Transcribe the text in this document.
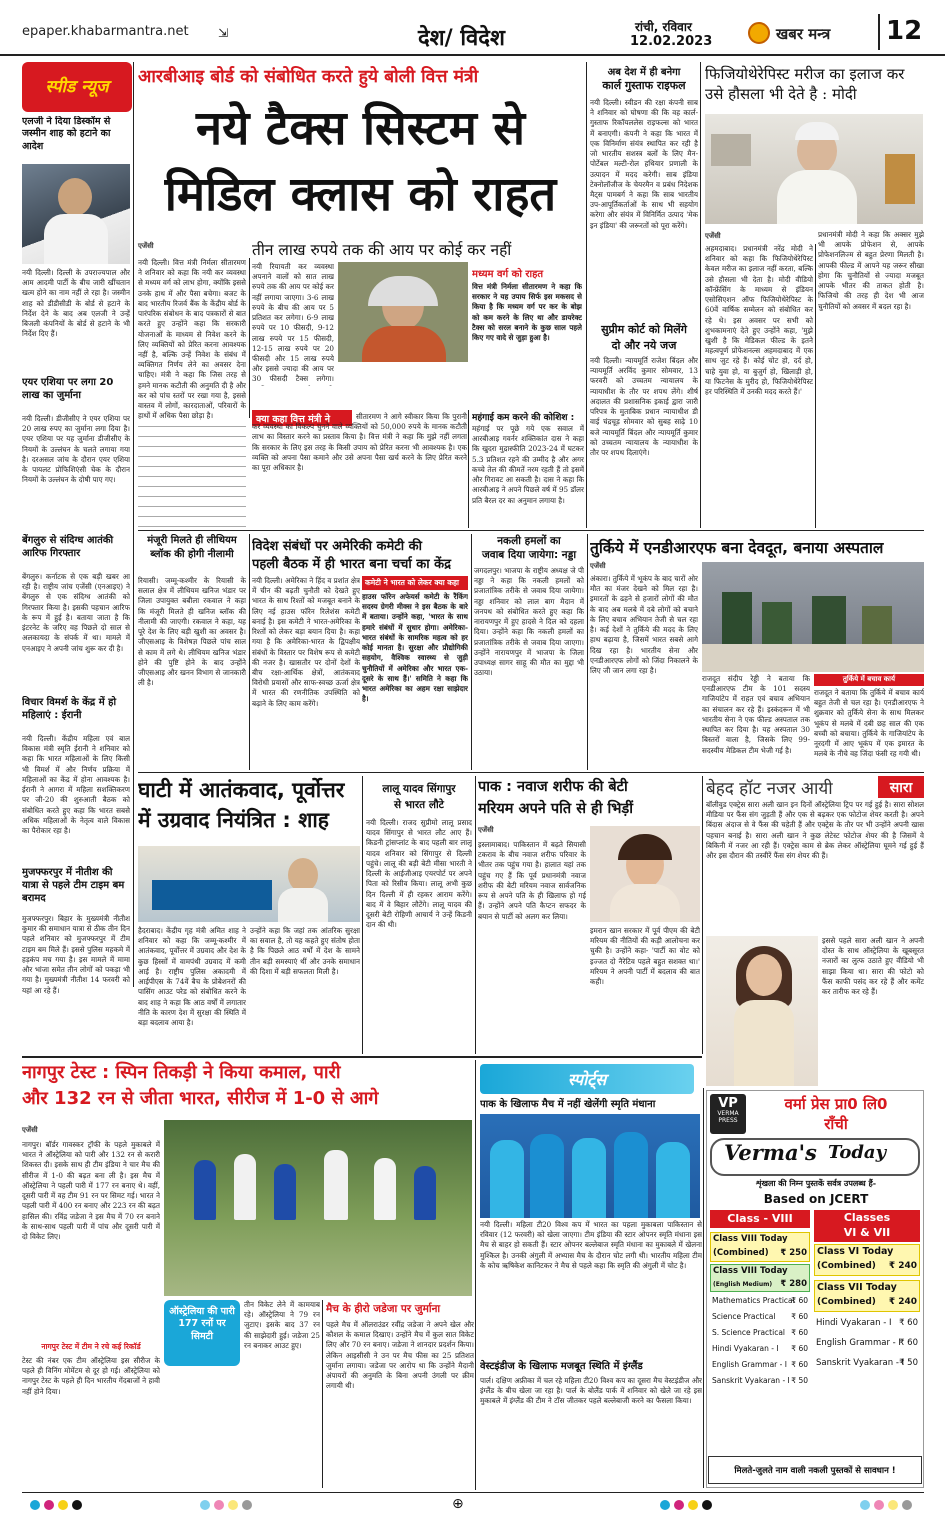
epaper.khabarmantra.net ⇲	देश/ विदेश	रांची, रविवार
12.02.2023	खबर मन्त्र 12
स्पीड न्यूज
एलजी ने दिया डिस्कॉम से जस्मीन शाह को हटाने का आदेश
नयी दिल्ली। दिल्ली के उपराज्यपाल और आम आदमी पार्टी के बीच जारी खींचतान खत्म होने का नाम नहीं ले रहा है। जस्मीन शाह को डीडीसीडी के बोर्ड से हटाने के निर्देश देने के बाद अब एलजी ने उन्हें बिजली कंपनियों के बोर्ड से हटाने के भी निर्देश दिए हैं।
एयर एशिया पर लगा 20 लाख का जुर्माना
नयी दिल्ली। डीजीसीए ने एयर एशिया पर 20 लाख रुपए का जुर्माना लगा दिया है। एयर एशिया पर यह जुर्माना डीजीसीए के नियमों के उल्लंघन के चलते लगाया गया है। दरअसल जांच के दौरान एयर एशिया के पायलट प्रोफिशिएंसी चेक के दौरान नियमों के उल्लंघन के दोषी पाए गए।
बेंगलुरु से संदिग्ध आतंकी आरिफ गिरफ्तार
बेंगलुरु। कर्नाटक से एक बड़ी खबर आ रही है। राष्ट्रीय जांच एजेंसी (एनआइए) ने बेंगलुरु से एक संदिग्ध आतंकी को गिरफ्तार किया है। इसकी पहचान आरिफ के रूप में हुई है। बताया जाता है कि इंटरनेट के जरिए वह पिछले दो साल से अलकायदा के संपर्क में था। मामले में एनआइए ने अपनी जांच शुरू कर दी है।
विचार विमर्श के केंद्र में हो महिलाएं : ईरानी
नयी दिल्ली। केंद्रीय महिला एवं बाल विकास मंत्री स्मृति ईरानी ने शनिवार को कहा कि भारत महिलाओं के लिए किसी भी विमर्श में और निर्णय प्रक्रिया में महिलाओं का केंद्र में होना आवश्यक है। ईरानी ने आगरा में महिला सशक्तिकरण पर जी-20 की शुरुआती बैठक को संबोधित करते हुए कहा कि भारत सबसे अधिक महिलाओं के नेतृत्व वाले विकास का पैरोकार रहा है।
मुजफ्फरपुर में नीतीश की यात्रा से पहले टीम टाइम बम बरामद
मुजफ्फरपुर। बिहार के मुख्यमंत्री नीतीश कुमार की समाधान यात्रा से ठीक तीन दिन पहले शनिवार को मुजफ्फरपुर में टीम टाइम बम मिले हैं। इससे पुलिस महकमे में हड़कंप मच गया है। इस मामले में मामा और भांजा समेत तीन लोगों को पकड़ा भी गया है। मुख्यमंत्री नीतीश 14 फरवरी को यहां आ रहे हैं।
आरबीआइ बोर्ड को संबोधित करते हुये बोली वित्त मंत्री
नये टैक्स सिस्टम से
मिडिल क्लास को राहत
तीन लाख रुपये तक की आय पर कोई कर नहीं
एजेंसी
नयी दिल्ली। वित्त मंत्री निर्मला सीतारमण ने शनिवार को कहा कि नयी कर व्यवस्था से मध्यम वर्ग को लाभ होगा, क्योंकि इससे उनके हाथ में और पैसा बचेगा। बजट के बाद भारतीय रिजर्व बैंक के केंद्रीय बोर्ड के पारंपरिक संबोधन के बाद पत्रकारों से बात करते हुए उन्होंने कहा कि सरकारी योजनाओं के माध्यम से निवेश करने के लिए व्यक्तियों को प्रेरित करना आवश्यक नहीं है, बल्कि उन्हें निवेश के संबंध में व्यक्तिगत निर्णय लेने का अवसर देना चाहिए। मंत्री ने कहा कि जिस तरह से हमने मानक कटौती की अनुमति दी है और कर को पांच स्तरों पर रखा गया है, इससे वास्तव में लोगों, कारदाताओं, परिवारों के हाथों में अधिक पैसा छोड़ा है।
नयी रियायती कर व्यवस्था अपनाने वालों को सात लाख रुपये तक की आय पर कोई कर नहीं लगाया जाएगा। 3-6 लाख रुपये के बीच की आय पर 5 प्रतिशत कर लगेगा। 6-9 लाख रुपये पर 10 फीसदी, 9-12 लाख रुपये पर 15 फीसदी, 12-15 लाख रुपये पर 20 फीसदी और 15 लाख रुपये और इससे ज्यादा की आय पर 30 फीसदी टैक्स लगेगा।
मध्यम वर्ग को राहत
वित्त मंत्री निर्मला सीतारमण ने कहा कि सरकार ने यह उपाय सिर्फ इस मकसद से किया है कि मध्यम वर्ग पर कर के बोझ को कम करने के लिए था और डायरेक्ट टैक्स को सरल बनाने के कुछ साल पहले किए गए वादे से जुड़ा हुआ है।
क्या कहा वित्त मंत्री ने	सीतारमण ने आगे स्वीकार किया कि पुरानी कर व्यवस्था का विकल्प चुनने वाले व्यक्तियों को 50,000 रुपये के मानक कटौती लाभ का विस्तार करने का प्रस्ताव किया है। वित्त मंत्री ने कहा कि मुझे नहीं लगता कि सरकार के लिए इस तरह के किसी उपाय को प्रेरित करना भी आवश्यक है। एक व्यक्ति को अपना पैसा कमाने और उसे अपना पैसा खर्च करने के लिए प्रेरित करने का पूरा अधिकार है।
महंगाई कम करने की कोशिश :
महंगाई पर पूछे गये एक सवाल में आरबीआइ गवर्नर शक्तिकांत दास ने कहा कि खुदरा मुद्रास्फीति 2023-24 में घटकर 5.3 प्रतिशत रहने की उम्मीद है और अगर कच्चे तेल की कीमतें नरम रहती हैं तो इसमें और गिरावट आ सकती है। दास ने कहा कि आरबीआइ ने अपने पिछले वर्ष में 95 डॉलर प्रति बैरल दर का अनुमान लगाया है।
अब देश में ही बनेगा
कार्ल गुस्ताफ राइफल
नयी दिल्ली। स्वीडन की रक्षा कंपनी साब ने शनिवार को घोषणा की कि वह कार्ल-गुस्ताफ रिकॉयललेस राइफल्स को भारत में बनाएगी। कंपनी ने कहा कि भारत में एक विनिर्माण संयंत्र स्थापित कर रही है जो भारतीय सशस्त्र बलों के लिए मैन-पोर्टेबल मल्टी-रोल हथियार प्रणाली के उत्पादन में मदद करेगी। साब इंडिया टेक्नोलॉजीज के चेयरमैन व प्रबंध निदेशक मैट्स पामबर्ग ने कहा कि साब भारतीय उप-आपूर्तिकर्ताओं के साथ भी सहयोग करेगा और संयंत्र में विनिर्मित उत्पाद 'मेक इन इंडिया' की जरूरतों को पूरा करेंगे।
सुप्रीम कोर्ट को मिलेंगे
दो और नये जज
नयी दिल्ली। न्यायमूर्ति राजेश बिंदल और न्यायमूर्ति अरविंद कुमार सोमवार, 13 फरवरी को उच्चतम न्यायालय के न्यायाधीश के तौर पर शपथ लेंगे। शीर्ष अदालत की प्रशासनिक इकाई द्वारा जारी परिपत्र के मुताबिक प्रधान न्यायाधीश डी वाई चंद्रचूड़ सोमवार को सुबह साढ़े 10 बजे न्यायमूर्ति बिंदल और न्यायमूर्ति कुमार को उच्चतम न्यायालय के न्यायाधीश के तौर पर शपथ दिलाएंगे।
फिजियोथेरेपिस्ट मरीज का इलाज कर उसे हौसला भी देते है : मोदी
एजेंसी
अहमदाबाद। प्रधानमंत्री नरेंद्र मोदी ने शनिवार को कहा कि फिजियोथेरेपिस्ट केवल मरीज का इलाज नहीं करता, बल्कि उसे हौसला भी देता है। मोदी वीडियो कॉन्फ्रेंसिंग के माध्यम से इंडियन एसोसिएशन ऑफ फिजियोथेरेपिस्ट के 60वें वार्षिक सम्मेलन को संबोधित कर रहे थे। इस अवसर पर सभी को शुभकामनाएं देते हुए उन्होंने कहा, 'मुझे खुशी है कि मेडिकल फील्ड के इतने महत्वपूर्ण प्रोफेशनल्स अहमदाबाद में एक साथ जुट रहे हैं। कोई चोट हो, दर्द हो, चाहे युवा हो, या बुजुर्ग हो, खिलाड़ी हो, या फिटनेस के मुरीद हो, फिजियोथेरेपिस्ट हर परिस्थिति में उनकी मदद करते हैं।'
प्रधानमंत्री मोदी ने कहा कि अक्सर मुझे भी आपके प्रोफेशन से, आपके प्रोफेशनलिज्म से बहुत प्रेरणा मिलती है। आपकी फील्ड में आपने यह जरूर सीखा होगा कि चुनौतियों से ज्यादा मजबूत आपके भीतर की ताकत होती है। फिजियो की तरह ही देश भी आज चुनौतियों को अवसर में बदल रहा है।
मंजूरी मिलते ही लीथियम ब्लॉक की होगी नीलामी
रियासी। जम्मू-कश्मीर के रियासी के सलाल क्षेत्र में लीथियम खनिज भंडार पर जिला उपायुक्त बबीला रकवाल ने कहा कि मंजूरी मिलते ही खनिज ब्लॉक की नीलामी की जाएगी। रकवाल ने कहा, यह पूरे देश के लिए बड़ी खुशी का अवसर है। जीएसआइ के विशेषज्ञ पिछले पांच साल से काम में लगे थे। लीथियम खनिज भंडार होने की पुष्टि होने के बाद उन्होंने जीएसआइ और खनन विभाग से जानकारी ली है।
विदेश संबंधों पर अमेरिकी कमेटी की
पहली बैठक में ही भारत बना चर्चा का केंद्र
नयी दिल्ली। अमेरिका ने हिंद व प्रशांत क्षेत्र में चीन की बढ़ती चुनौती को देखते हुए भारत के साथ रिश्तों को मजबूत बनाने के लिए नई हाउस फॉरेन रिलेशंस कमेटी बनाई है। इस कमेटी ने भारत-अमेरिका के रिश्तों को लेकर बड़ा बयान दिया है। कहा गया है कि अमेरिका-भारत के द्विपक्षीय संबंधों के विस्तार पर विशेष रूप से कमेटी की नजर है। खासतौर पर दोनों देशों के बीच रक्षा-आर्थिक क्षेत्रों, आतंकवाद विरोधी प्रयासों और साफ-स्वच्छ ऊर्जा क्षेत्र में भारत की रणनीतिक उपस्थिति को बढ़ाने के लिए काम करेंगे।
कमेटी ने भारत को लेकर क्या कहा
हाउस फॉरेन अफेयर्स कमेटी के रैंकिंग सदस्य ग्रेगरी मीक्स ने इस बैठक के बारे में बताया। उन्होंने कहा, 'भारत के साथ हमारे संबंधों में सुधार होगा। अमेरिका-भारत संबंधों के सामरिक महत्व को हर कोई मानता है। सुरक्षा और प्रौद्योगिकी सहयोग, वैश्विक स्वास्थ्य से जुड़ी चुनौतियों में अमेरिका और भारत एक-दूसरे के साथ हैं।' समिति ने कहा कि भारत अमेरिका का अहम रक्षा साझेदार है।
नकली हमलों का
जवाब दिया जायेगा: नड्डा
जगदलपुर। भाजपा के राष्ट्रीय अध्यक्ष जे पी नड्डा ने कहा कि नकली हमलों को प्रजातांत्रिक तरीके से जवाब दिया जायेगा। नड्डा शनिवार को लाल बाग मैदान में जनपथ को संबोधित करते हुए कहा कि नारायणपुर में हुए हादसे ने दिल को दहला दिया। उन्होंने कहा कि नकली हमलों का प्रजातांत्रिक तरीके से जवाब दिया जाएगा। उन्होंने नारायणपुर में भाजपा के जिला उपाध्यक्ष सागर साहू की मौत का मुद्दा भी उठाया।
तुर्किये में एनडीआरएफ बना देवदूत, बनाया अस्पताल
एजेंसी
अंकारा। तुर्किये में भूकंप के बाद चारों ओर मौत का मंजर देखने को मिल रहा है। इमारतों के ढहने से हजारों लोगों की मौत के बाद अब मलबे में दबे लोगों को बचाने के लिए बचाव अभियान तेजी से चल रहा है। कई देशों ने तुर्किये की मदद के लिए हाथ बढ़ाया है, जिसमें भारत सबसे आगे दिख रहा है। भारतीय सेना और एनडीआरएफ लोगों को जिंदा निकालने के लिए जी जान लगा रहा है।
तुर्किये में बचाव कार्य
राजदूत संदीप रेड्डी ने बताया कि एनडीआरएफ टीम के 101 सदस्य गाजियांटेप में राहत एवं बचाव अभियान का संचालन कर रहे हैं। इस्कंदरून में भी भारतीय सेना ने एक फील्ड अस्पताल तक स्थापित कर दिया है। यह अस्पताल 30 बिस्तरों वाला है, जिसके लिए 99-सदस्यीय मेडिकल टीम भेजी गई है।
राजदूत ने बताया कि तुर्किये में बचाव कार्य बहुत तेजी से चल रहा है। एनडीआरएफ ने शुक्रवार को तुर्किये सेना के साथ मिलकर भूकंप से मलबे में दबी छह साल की एक बच्ची को बचाया। तुर्किये के गाजियांटेप के नूरदगी में आए भूकंप में एक इमारत के मलबे के नीचे वह जिंदा फंसी रह गयी थी।
घाटी में आतंकवाद, पूर्वोत्तर
में उग्रवाद नियंत्रित : शाह
हैदराबाद। केंद्रीय गृह मंत्री अमित शाह ने शनिवार को कहा कि जम्मू-कश्मीर में आतंकवाद, पूर्वोत्तर में उग्रवाद और देश के कुछ हिस्सों में वामपंथी उग्रवाद में कमी आई है। राष्ट्रीय पुलिस अकादमी में आईपीएस के 74वें बैच के प्रोबेशनरों की पासिंग आउट परेड को संबोधित करने के बाद शाह ने कहा कि आठ वर्षों में लगातार नीति के कारण देश में सुरक्षा की स्थिति में बड़ा बदलाव आया है।
उन्होंने कहा कि जहां तक आंतरिक सुरक्षा का सवाल है, तो यह कहते हुए संतोष होता है कि पिछले आठ वर्षों में देश के सामने तीन बड़ी समस्याएं थीं और उनके समाधान की दिशा में बड़ी सफलता मिली है।
लालू यादव सिंगापुर
से भारत लौटे
नयी दिल्ली। राजद सुप्रीमो लालू प्रसाद यादव सिंगापुर से भारत लौट आए हैं। किडनी ट्रांसप्लांट के बाद पहली बार लालू यादव शनिवार को सिंगापुर से दिल्ली पहुंचे। लालू की बड़ी बेटी मीसा भारती ने दिल्ली के आईजीआइ एयरपोर्ट पर अपने पिता को रिसीव किया। लालू अभी कुछ दिन दिल्ली में ही रहकर आराम करेंगे। बाद में वे बिहार लौटेंगे। लालू यादव की दूसरी बेटी रोहिणी आचार्य ने उन्हें किडनी दान की थी।
पाक : नवाज शरीफ की बेटी
मरियम अपने पति से ही भिड़ीं
एजेंसी
इस्लामाबाद। पाकिस्तान में बढ़ते सियासी टकराव के बीच नवाज शरीफ परिवार के भीतर तक पहुंच गया है। हालात यहां तक पहुंच गए हैं कि पूर्व प्रधानमंत्री नवाज शरीफ की बेटी मरियम नवाज सार्वजनिक रूप से अपने पति के ही खिलाफ हो गई हैं। उन्होंने अपने पति कैप्टन सफदर के बयान से पार्टी को अलग कर लिया।
इमरान खान सरकार में पूर्व पीएम की बेटी मरियम की नीतियों की कड़ी आलोचना कर चुकी है। उन्होंने कहा- 'पार्टी का वोट को इज्जत दो नैरेटिव पहले बहुत सशक्त था।' मरियम ने अपनी पार्टी में बदलाव की बात कही।
बेहद हॉट नजर आयी	सारा
बॉलीवुड एक्ट्रेस सारा अली खान इन दिनों ऑस्ट्रेलिया ट्रिप पर गई हुई है। सारा सोशल मीडिया पर फैंस संग जुड़ती हैं और एक से बढ़कर एक फोटोज शेयर करती है। अपने बिंदास अंदाज से वे फैंस की चहेती हैं और एक्ट्रेस के तौर पर भी उन्होंने अपनी खास पहचान बनाई है। सारा अली खान ने कुछ लेटेस्ट फोटोज शेयर की है जिसमें वे बिकिनी में नजर आ रही हैं। एक्ट्रेस काम से ब्रेक लेकर ऑस्ट्रेलिया घूमने गई हुई हैं और इस दौरान की तस्वीरें फैंस संग शेयर की हैं।
इससे पहले सारा अली खान ने अपनी दोस्त के साथ ऑस्ट्रेलिया के खूबसूरत नजारों का लुत्फ उठाते हुए वीडियो भी साझा किया था। सारा की फोटो को फैंस काफी पसंद कर रहे हैं और कमेंट कर तारीफ कर रहे हैं।
नागपुर टेस्ट : स्पिन तिकड़ी ने किया कमाल, पारी
और 132 रन से जीता भारत, सीरीज में 1-0 से आगे
एजेंसी
नागपुर। बॉर्डर गावस्कर ट्रॉफी के पहले मुकाबले में भारत ने ऑस्ट्रेलिया को पारी और 132 रन से करारी शिकस्त दी। इसके साथ ही टीम इंडिया ने चार मैच की सीरीज में 1-0 की बढ़त बना ली है। इस मैच में ऑस्ट्रेलिया ने पहली पारी में 177 रन बनाए थे। वहीं, दूसरी पारी में वह टीम 91 रन पर सिमट गई। भारत ने पहली पारी में 400 रन बनाए और 223 रन की बढ़त हासिल की। रविंद्र जडेजा ने इस मैच में 70 रन बनाने के साथ-साथ पहली पारी में पांच और दूसरी पारी में दो विकेट लिए।
नागपुर टेस्ट में टीम ने रचे कई रिकॉर्ड
टेस्ट की नंबर एक टीम ऑस्ट्रेलिया इस सीरीज के पहले ही विनिंग मोमेंटम से दूर हो गई। ऑस्ट्रेलिया को नागपुर टेस्ट के पहले ही दिन भारतीय गेंदबाजों ने हावी नहीं होने दिया।
ऑस्ट्रेलिया की पारी 177 रनों पर सिमटी
तीन विकेट लेने में कामयाब रहे। ऑस्ट्रेलिया ने 79 रन जुटाए। इसके बाद 37 रन की साझेदारी हुई। जडेजा 25 रन बनाकर आउट हुए।
मैच के हीरो जडेजा पर जुर्माना
पहले मैच में ऑलराउंडर रवींद्र जडेजा ने अपने खेल और कौशल के कमाल दिखाए। उन्होंने मैच में कुल सात विकेट लिए और 70 रन बनाए। जडेजा ने शानदार प्रदर्शन किया। लेकिन आइसीसी ने उन पर मैच फीस का 25 प्रतिशत जुर्माना लगाया। जडेजा पर आरोप था कि उन्होंने मैदानी अंपायरों की अनुमति के बिना अपनी उंगली पर क्रीम लगायी थी।
स्पोर्ट्स
पाक के खिलाफ मैच में नहीं खेलेंगी स्मृति मंधाना
नयी दिल्ली। महिला टी20 विश्व कप में भारत का पहला मुकाबला पाकिस्तान से रविवार (12 फरवरी) को खेला जाएगा। टीम इंडिया की स्टार ओपनर स्मृति मंधाना इस मैच से बाहर हो सकती हैं। स्टार ओपनर बल्लेबाज स्मृति मंधाना का मुकाबले में खेलना मुश्किल है। उनकी अंगुली में अभ्यास मैच के दौरान चोट लगी थी। भारतीय महिला टीम के कोच ऋषिकेश कानिटकर ने मैच से पहले कहा कि स्मृति की अंगुली में चोट है।
वेस्टइंडीज के खिलाफ मजबूत स्थिति में इंग्लैंड
पार्ल। दक्षिण अफ्रीका में चल रहे महिला टी20 विश्व कप का दूसरा मैच वेस्टइंडीज और इंग्लैंड के बीच खेला जा रहा है। पार्ल के बोलैंड पार्क में शनिवार को खेले जा रहे इस मुकाबले में इंग्लैंड की टीम ने टॉस जीतकर पहले बल्लेबाजी करने का फैसला किया।
VP
VERMA PRESS
वर्मा प्रेस प्रा0 लि0
राँची
Verma's Today
शृंखला की निम्न पुस्तकें सर्वत्र उपलब्ध हैं-
Based on JCERT
Class - VIII	Classes
VI & VII
Class VIII Today
(Combined) ₹ 250
Class VIII Today
(English Medium) ₹ 280
Mathematics Practical
₹ 60
Science Practical ₹ 60
S. Science Practical ₹ 60
Hindi Vyakaran - I ₹ 60
English Grammar - I ₹ 60
Sanskrit Vyakaran - I ₹ 50
Class VI Today
(Combined) ₹ 240
Class VII Today
(Combined) ₹ 240
Hindi Vyakaran - I ₹ 60
English Grammar - I
₹ 60
Sanskrit Vyakaran - I
₹ 50
मिलते-जुलते नाम वाली नकली पुस्तकों से सावधान !
⊕
